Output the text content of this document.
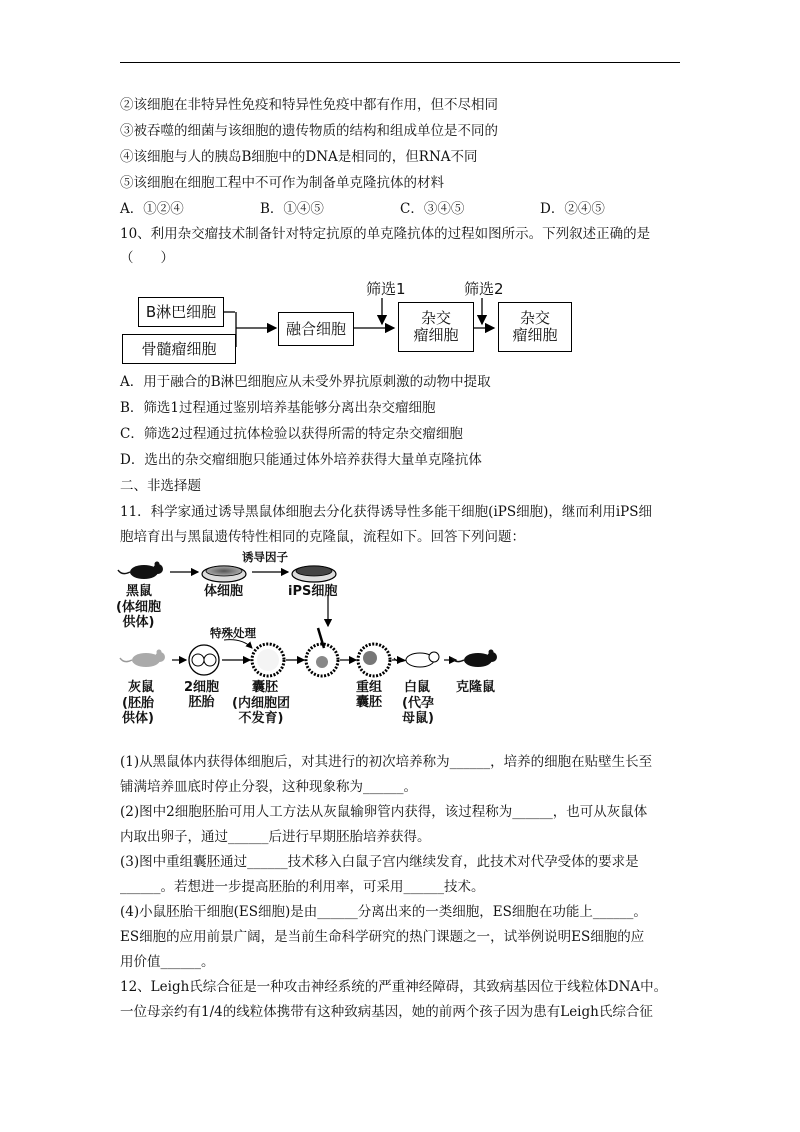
②该细胞在非特异性免疫和特异性免疫中都有作用，但不尽相同
③被吞噬的细菌与该细胞的遗传物质的结构和组成单位是不同的
④该细胞与人的胰岛B细胞中的DNA是相同的，但RNA不同
⑤该细胞在细胞工程中不可作为制备单克隆抗体的材料
A．①②④	B．①④⑤	C．③④⑤	D．②④⑤
10、利用杂交瘤技术制备针对特定抗原的单克隆抗体的过程如图所示。下列叙述正确的是
（　　）
B淋巴细胞
骨髓瘤细胞
融合细胞
筛选1
杂交
瘤细胞
筛选2
杂交
瘤细胞
A．用于融合的B淋巴细胞应从未受外界抗原刺激的动物中提取
B．筛选1过程通过鉴别培养基能够分离出杂交瘤细胞
C．筛选2过程通过抗体检验以获得所需的特定杂交瘤细胞
D．选出的杂交瘤细胞只能通过体外培养获得大量单克隆抗体
二、非选择题
11．科学家通过诱导黑鼠体细胞去分化获得诱导性多能干细胞(iPS细胞)，继而利用iPS细
胞培育出与黑鼠遗传特性相同的克隆鼠，流程如下。回答下列问题：
黑鼠
(体细胞
供体)
体细胞
诱导因子
iPS细胞
特殊处理
灰鼠
(胚胎
供体)
2细胞
胚胎
囊胚
(内细胞团
不发育)
重组
囊胚
白鼠
(代孕
母鼠)
克隆鼠
(1)从黑鼠体内获得体细胞后，对其进行的初次培养称为______，培养的细胞在贴壁生长至
铺满培养皿底时停止分裂，这种现象称为______。
(2)图中2细胞胚胎可用人工方法从灰鼠输卵管内获得，该过程称为______，也可从灰鼠体
内取出卵子，通过______后进行早期胚胎培养获得。
(3)图中重组囊胚通过______技术移入白鼠子宫内继续发育，此技术对代孕受体的要求是
______。若想进一步提高胚胎的利用率，可采用______技术。
(4)小鼠胚胎干细胞(ES细胞)是由______分离出来的一类细胞，ES细胞在功能上______。
ES细胞的应用前景广阔，是当前生命科学研究的热门课题之一，试举例说明ES细胞的应
用价值______。
12、Leigh氏综合征是一种攻击神经系统的严重神经障碍，其致病基因位于线粒体DNA中。
一位母亲约有1/4的线粒体携带有这种致病基因，她的前两个孩子因为患有Leigh氏综合征
